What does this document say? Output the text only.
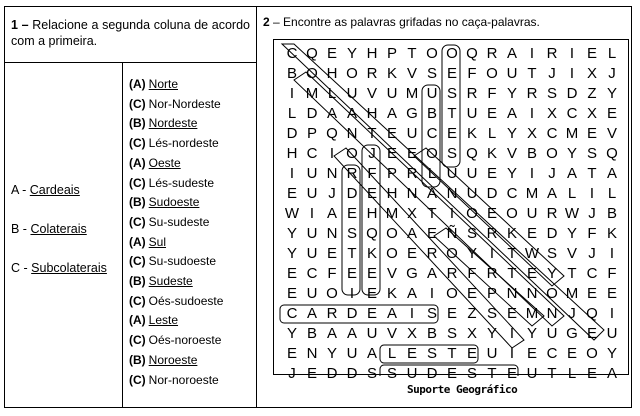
1 – Relacione a segunda coluna de acordo com a primeira.
A - Cardeais
B - Colaterais
C - Subcolaterais
(A) Norte
(C) Nor-Nordeste
(B) Nordeste
(C) Lés-nordeste
(A) Oeste
(C) Lés-sudeste
(B) Sudoeste
(C) Su-sudeste
(A) Sul
(C) Su-sudoeste
(B) Sudeste
(C) Oés-sudoeste
(A) Leste
(C) Oés-noroeste
(B) Noroeste
(C) Nor-noroeste
2 – Encontre as palavras grifadas no caça-palavras.
C Q E Y H P T O O Q R A I R I E L
B O H O R K V S E F O U T J I X J
I M L U V U M U S R F Y R S D Z Y
L D A A H A G B T U E A I X C X E
D P Q N T E U C E K L Y X C M E V
H C I O J E E O S Q K V B O Y S Q
I U N R F P R L U U E Y I J A T A
E U J D E H N A N U D C M A L I L
W I A E H M X T I O E O U R W J B
Y U N S Q O A E Ñ S R K E D Y F K
Y U E T K O E R O Y I T W S V J I
E C F E E V G A R F R T E Y T C F
E U O I E K A I O E P N N O M E E
C A R D E A I S E Z S E M N J Q I
Y B A A U V X B S X Y I Y U G E U
E N Y U A L E S T E U I E C E O Y
J E D D S S U D E S T E U T L E A
Suporte Geográfico
